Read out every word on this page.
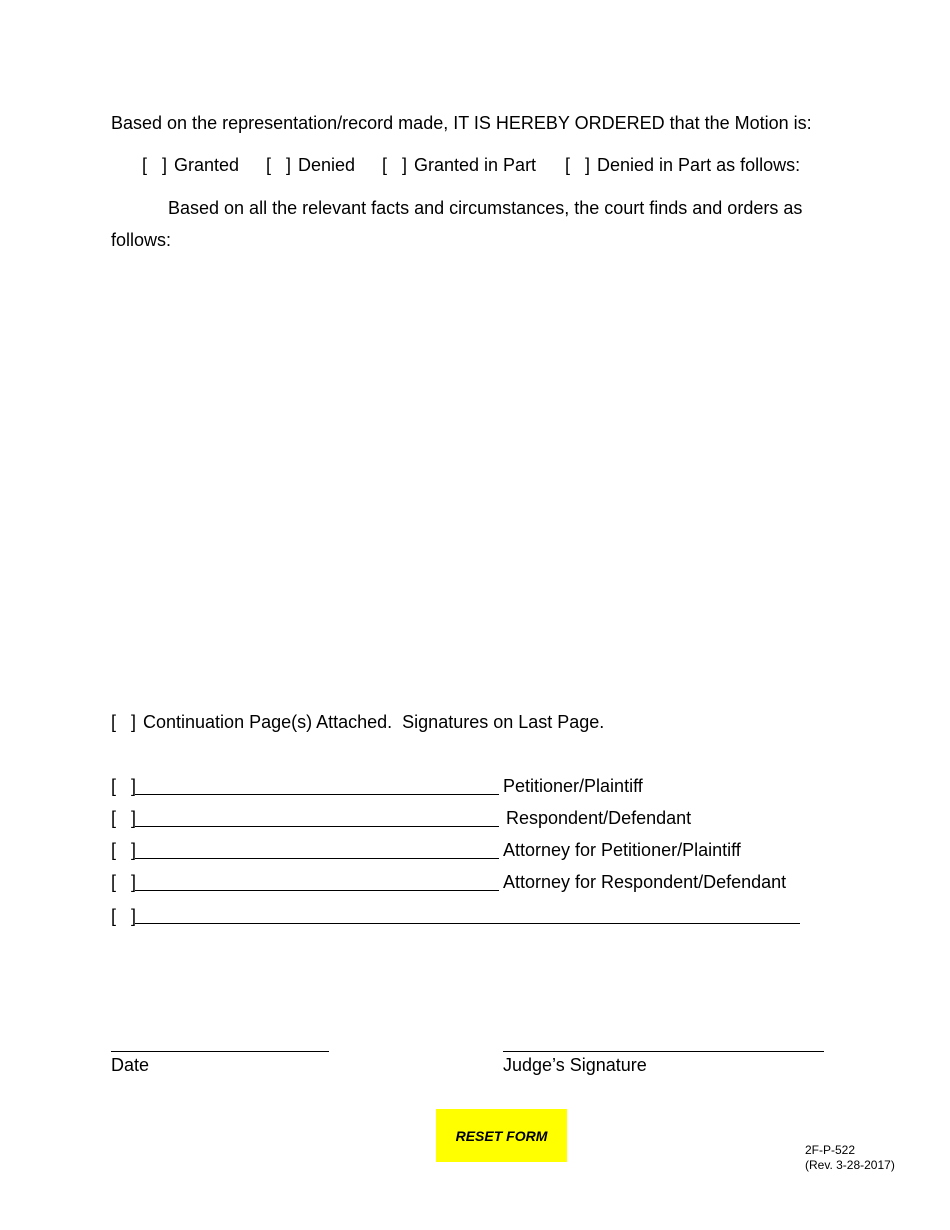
Based on the representation/record made, IT IS HEREBY ORDERED that the Motion is:
[   ] Granted [   ] Denied [   ] Granted in Part [   ] Denied in Part as follows:
Based on all the relevant facts and circumstances, the court finds and orders as
follows:
[   ] Continuation Page(s) Attached.  Signatures on Last Page.
[   ]	Petitioner/Plaintiff
[   ]	Respondent/Defendant
[   ]	Attorney for Petitioner/Plaintiff
[   ]	Attorney for Respondent/Defendant
[   ]
Date	Judge’s Signature
RESET FORM
2F-P-522
(Rev. 3-28-2017)
